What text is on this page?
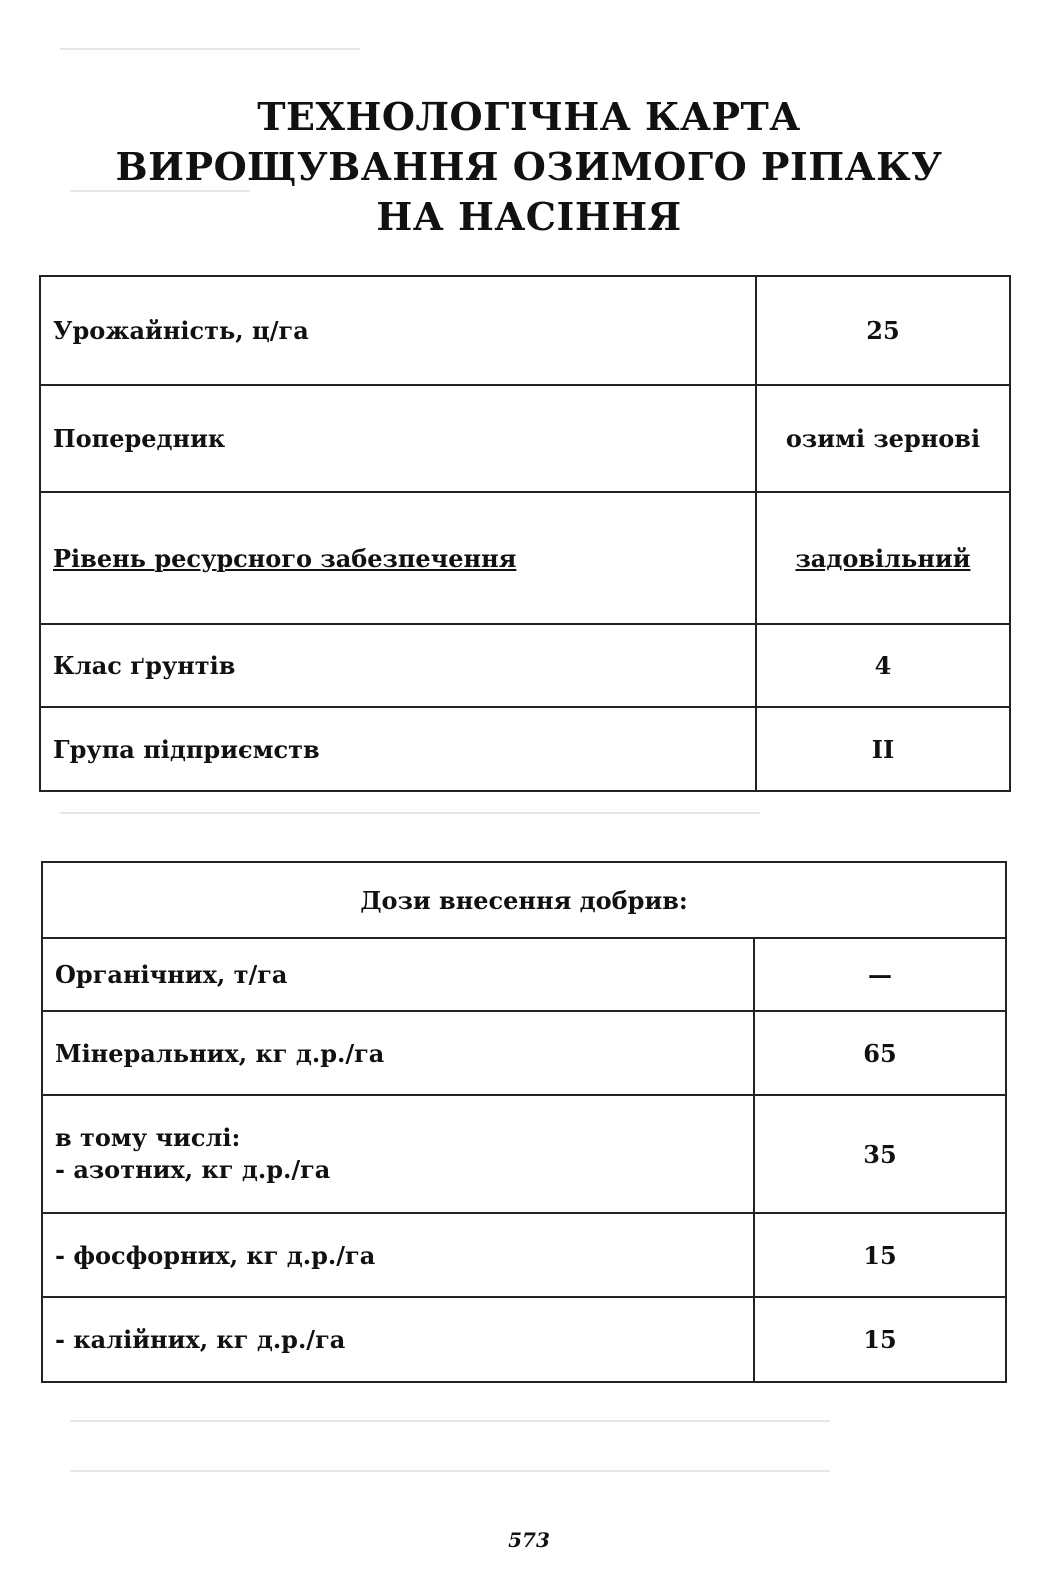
ТЕХНОЛОГІЧНА КАРТА
ВИРОЩУВАННЯ ОЗИМОГО РІПАКУ
НА НАСІННЯ
Урожайність, ц/га	25
Попередник	озимі зернові
Рівень ресурсного забезпечення	задовільний
Клас ґрунтів	4
Група підприємств	II
Дози внесення добрив:	
Органічних, т/га	—
Мінеральних, кг д.р./га	65

в тому числі:
- азотних, кг д.р./га	35
- фосфорних, кг д.р./га	15
- калійних, кг д.р./га	15
573
